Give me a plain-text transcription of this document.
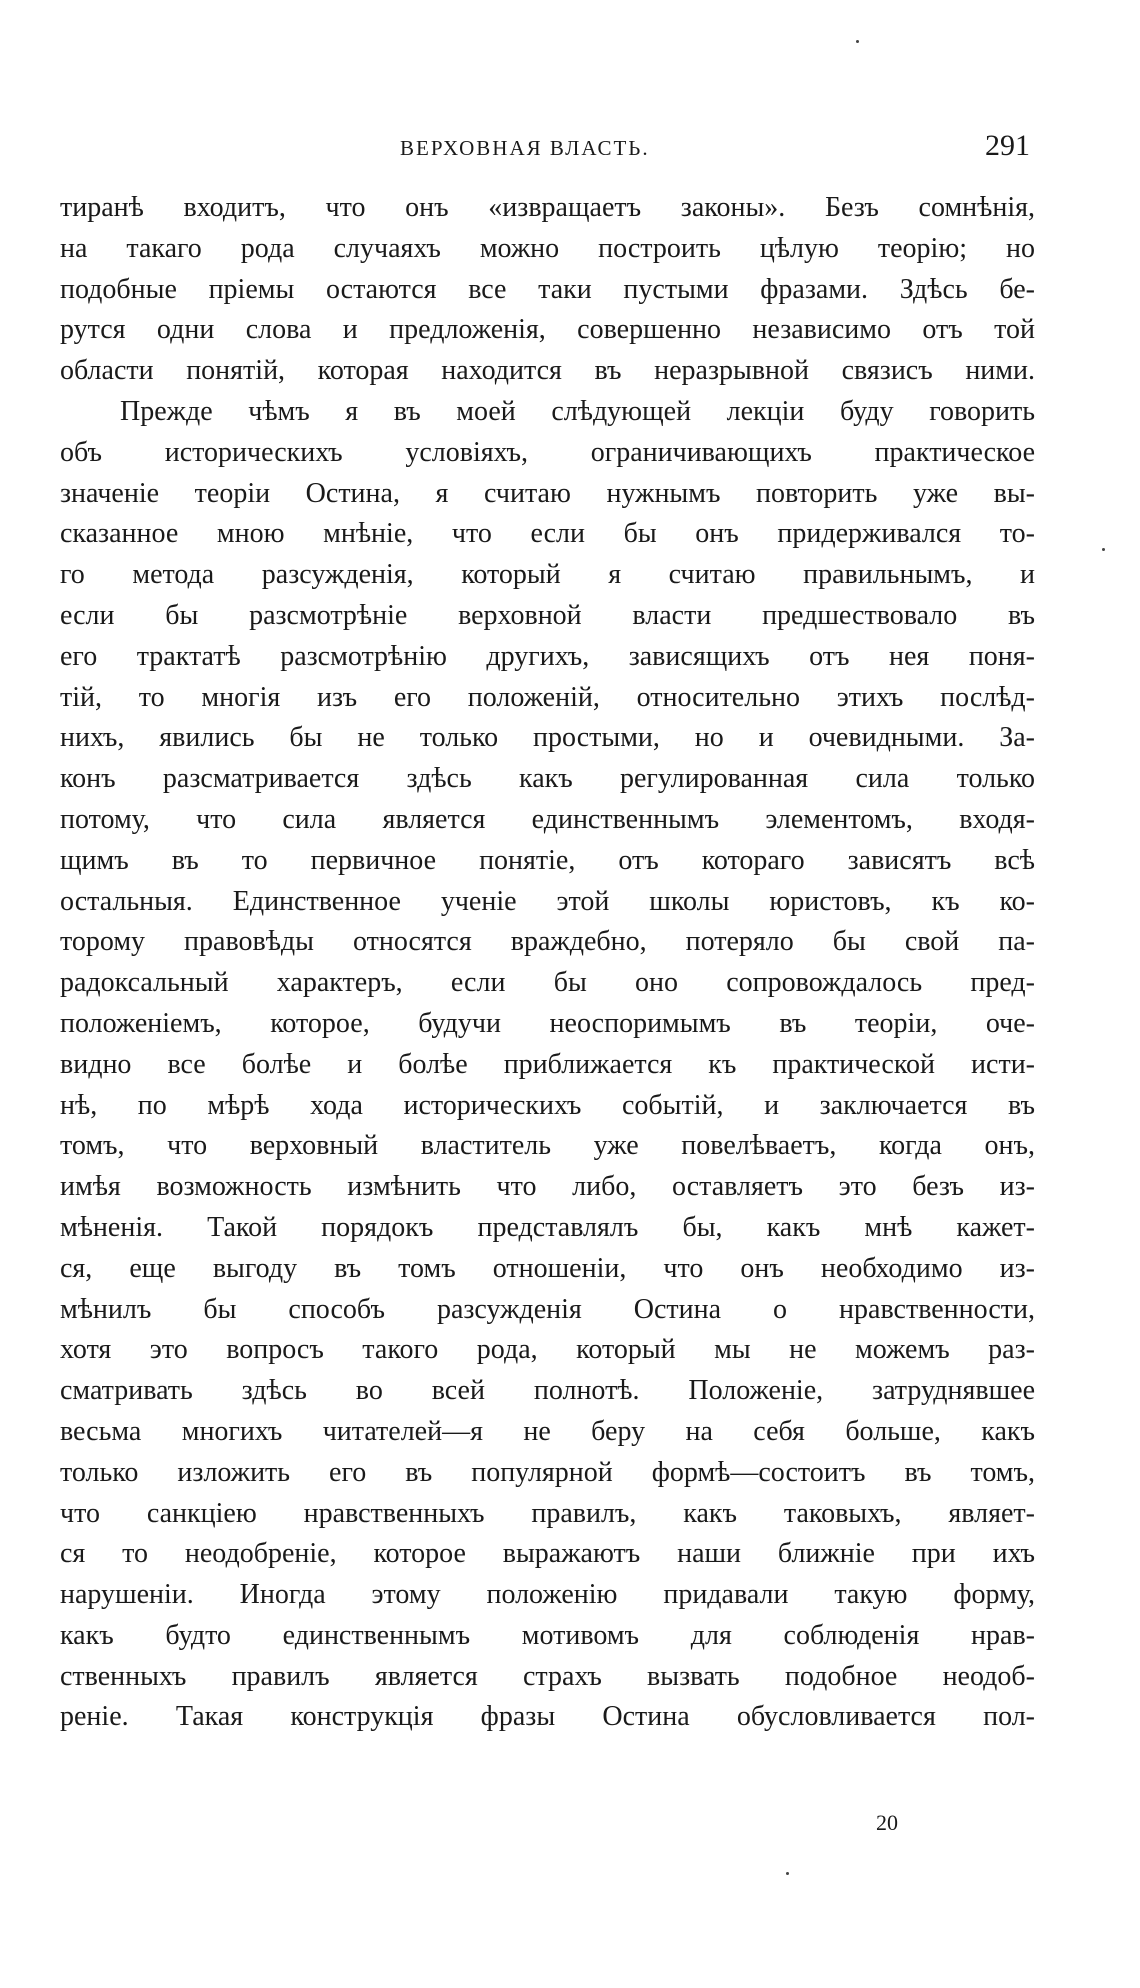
ВЕРХОВНАЯ ВЛАСТЬ.	291
тиранѣ входитъ, что онъ «извращаетъ законы». Безъ сомнѣнія,
на такаго рода случаяхъ можно построить цѣлую теорію; но
подобные пріемы остаются все таки пустыми фразами. Здѣсь бе-
рутся одни слова и предложенія, совершенно независимо отъ той
области понятій, которая находится въ неразрывной связисъ ними.
Прежде чѣмъ я въ моей слѣдующей лекціи буду говорить
объ историческихъ условіяхъ, ограничивающихъ практическое
значеніе теоріи Остина, я считаю нужнымъ повторить уже вы-
сказанное мною мнѣніе, что если бы онъ придерживался то-
го метода разсужденія, который я считаю правильнымъ, и
если бы разсмотрѣніе верховной власти предшествовало въ
его трактатѣ разсмотрѣнію другихъ, зависящихъ отъ нея поня-
тій, то многія изъ его положеній, относительно этихъ послѣд-
нихъ, явились бы не только простыми, но и очевидными. За-
конъ разсматривается здѣсь какъ регулированная сила только
потому, что сила является единственнымъ элементомъ, входя-
щимъ въ то первичное понятіе, отъ котораго зависятъ всѣ
остальныя. Единственное ученіе этой школы юристовъ, къ ко-
торому правовѣды относятся враждебно, потеряло бы свой па-
радоксальный характеръ, если бы оно сопровождалось пред-
положеніемъ, которое, будучи неоспоримымъ въ теоріи, оче-
видно все болѣе и болѣе приближается къ практической исти-
нѣ, по мѣрѣ хода историческихъ событій, и заключается въ
томъ, что верховный властитель уже повелѣваетъ, когда онъ,
имѣя возможность измѣнить что либо, оставляетъ это безъ из-
мѣненія. Такой порядокъ представлялъ бы, какъ мнѣ кажет-
ся, еще выгоду въ томъ отношеніи, что онъ необходимо из-
мѣнилъ бы способъ разсужденія Остина о нравственности,
хотя это вопросъ такого рода, который мы не можемъ раз-
сматривать здѣсь во всей полнотѣ. Положеніе, затруднявшее
весьма многихъ читателей—я не беру на себя больше, какъ
только изложить его въ популярной формѣ—состоитъ въ томъ,
что санкціею нравственныхъ правилъ, какъ таковыхъ, являет-
ся то неодобреніе, которое выражаютъ наши ближніе при ихъ
нарушеніи. Иногда этому положенію придавали такую форму,
какъ будто единственнымъ мотивомъ для соблюденія нрав-
ственныхъ правилъ является страхъ вызвать подобное неодоб-
реніе. Такая конструкція фразы Остина обусловливается пол-
20
